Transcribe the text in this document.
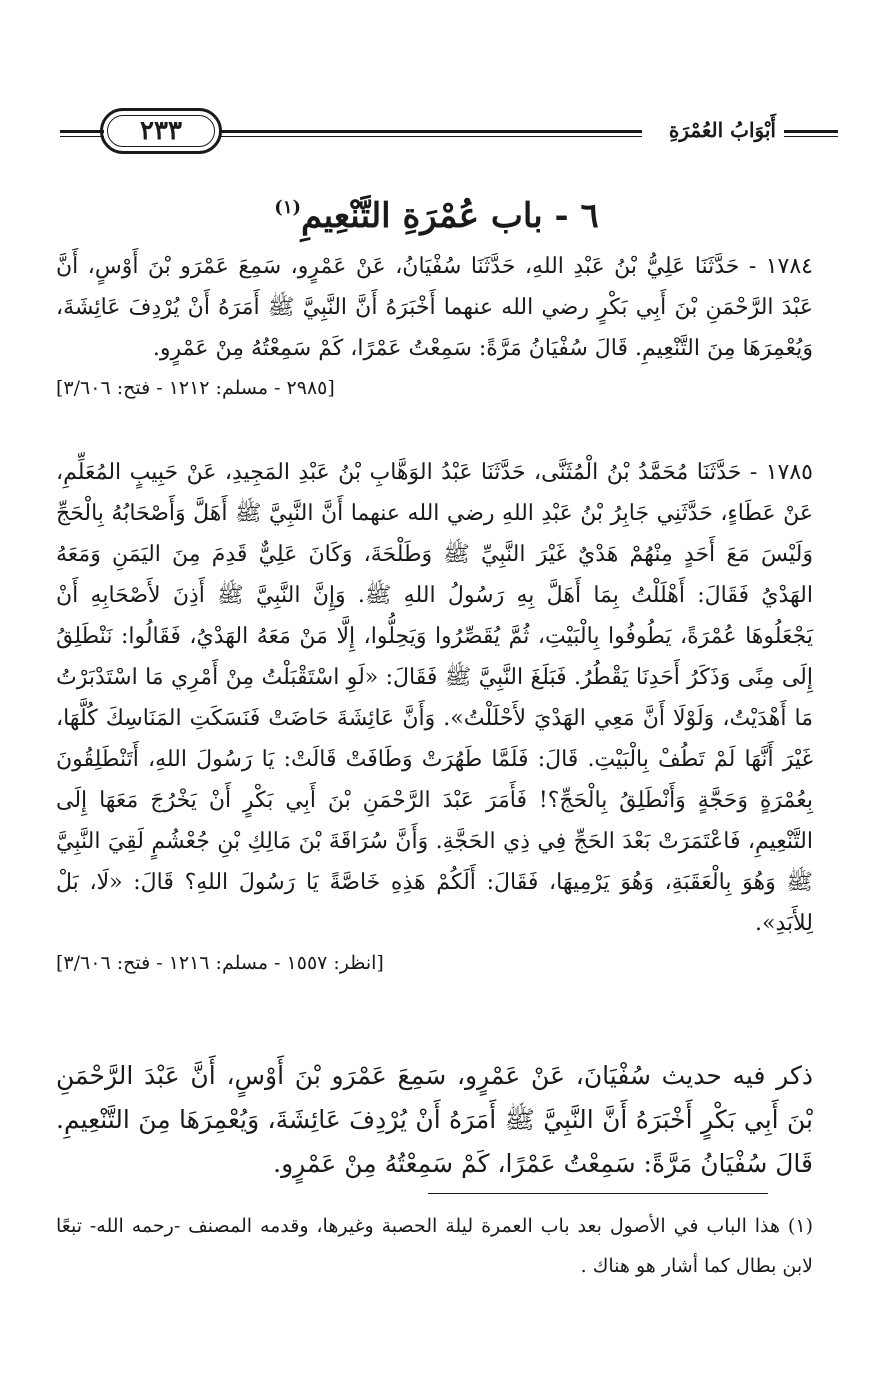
أَبْوَابُ العُمْرَةِ
٢٣٣
٦ - باب عُمْرَةِ التَّنْعِيمِ$^{(١)}$
١٧٨٤ - حَدَّثَنَا عَلِيُّ بْنُ عَبْدِ اللهِ، حَدَّثَنَا سُفْيَانُ، عَنْ عَمْرٍو، سَمِعَ عَمْرَو بْنَ أَوْسٍ، أَنَّ عَبْدَ الرَّحْمَنِ بْنَ أَبِي بَكْرٍ رضي الله عنهما أَخْبَرَهُ أَنَّ النَّبِيَّ ﷺ أَمَرَهُ أَنْ يُرْدِفَ عَائِشَةَ، وَيُعْمِرَهَا مِنَ التَّنْعِيمِ. قَالَ سُفْيَانُ مَرَّةً: سَمِعْتُ عَمْرًا، كَمْ سَمِعْتُهُ مِنْ عَمْرٍو.
[٢٩٨٥ - مسلم: ١٢١٢ - فتح: ٣/٦٠٦]
١٧٨٥ - حَدَّثَنَا مُحَمَّدُ بْنُ الْمُثَنَّى، حَدَّثَنَا عَبْدُ الوَهَّابِ بْنُ عَبْدِ المَجِيدِ، عَنْ حَبِيبٍ المُعَلِّمِ، عَنْ عَطَاءٍ، حَدَّثَنِي جَابِرُ بْنُ عَبْدِ اللهِ رضي الله عنهما أَنَّ النَّبِيَّ ﷺ أَهَلَّ وَأَصْحَابُهُ بِالْحَجِّ وَلَيْسَ مَعَ أَحَدٍ مِنْهُمْ هَدْيٌ غَيْرَ النَّبِيِّ ﷺ وَطَلْحَةَ، وَكَانَ عَلِيٌّ قَدِمَ مِنَ اليَمَنِ وَمَعَهُ الهَدْيُ فَقَالَ: أَهْلَلْتُ بِمَا أَهَلَّ بِهِ رَسُولُ اللهِ ﷺ. وَإِنَّ النَّبِيَّ ﷺ أَذِنَ لأَصْحَابِهِ أَنْ يَجْعَلُوهَا عُمْرَةً، يَطُوفُوا بِالْبَيْتِ، ثُمَّ يُقَصِّرُوا وَيَحِلُّوا، إِلَّا مَنْ مَعَهُ الهَدْيُ، فَقَالُوا: نَنْطَلِقُ إِلَى مِنًى وَذَكَرُ أَحَدِنَا يَقْطُرُ. فَبَلَغَ النَّبِيَّ ﷺ فَقَالَ: «لَوِ اسْتَقْبَلْتُ مِنْ أَمْرِي مَا اسْتَدْبَرْتُ مَا أَهْدَيْتُ، وَلَوْلَا أَنَّ مَعِي الهَدْيَ لأَحْلَلْتُ». وَأَنَّ عَائِشَةَ حَاضَتْ فَنَسَكَتِ المَنَاسِكَ كُلَّهَا، غَيْرَ أَنَّهَا لَمْ تَطُفْ بِالْبَيْتِ. قَالَ: فَلَمَّا طَهُرَتْ وَطَافَتْ قَالَتْ: يَا رَسُولَ اللهِ، أَتَنْطَلِقُونَ بِعُمْرَةٍ وَحَجَّةٍ وَأَنْطَلِقُ بِالْحَجِّ؟! فَأَمَرَ عَبْدَ الرَّحْمَنِ بْنَ أَبِي بَكْرٍ أَنْ يَخْرُجَ مَعَهَا إِلَى التَّنْعِيمِ، فَاعْتَمَرَتْ بَعْدَ الحَجِّ فِي ذِي الحَجَّةِ. وَأَنَّ سُرَاقَةَ بْنَ مَالِكِ بْنِ جُعْشُمٍ لَقِيَ النَّبِيَّ ﷺ وَهُوَ بِالْعَقَبَةِ، وَهُوَ يَرْمِيهَا، فَقَالَ: أَلَكُمْ هَذِهِ خَاصَّةً يَا رَسُولَ اللهِ؟ قَالَ: «لَا، بَلْ لِلأَبَدِ».
[انظر: ١٥٥٧ - مسلم: ١٢١٦ - فتح: ٣/٦٠٦]
ذكر فيه حديث سُفْيَانَ، عَنْ عَمْرٍو، سَمِعَ عَمْرَو بْنَ أَوْسٍ، أَنَّ عَبْدَ الرَّحْمَنِ بْنَ أَبِي بَكْرٍ أَخْبَرَهُ أَنَّ النَّبِيَّ ﷺ أَمَرَهُ أَنْ يُرْدِفَ عَائِشَةَ، وَيُعْمِرَهَا مِنَ التَّنْعِيمِ. قَالَ سُفْيَانُ مَرَّةً: سَمِعْتُ عَمْرًا، كَمْ سَمِعْتُهُ مِنْ عَمْرٍو.
(١) هذا الباب في الأصول بعد باب العمرة ليلة الحصبة وغيرها، وقدمه المصنف -رحمه الله- تبعًا لابن بطال كما أشار هو هناك .
